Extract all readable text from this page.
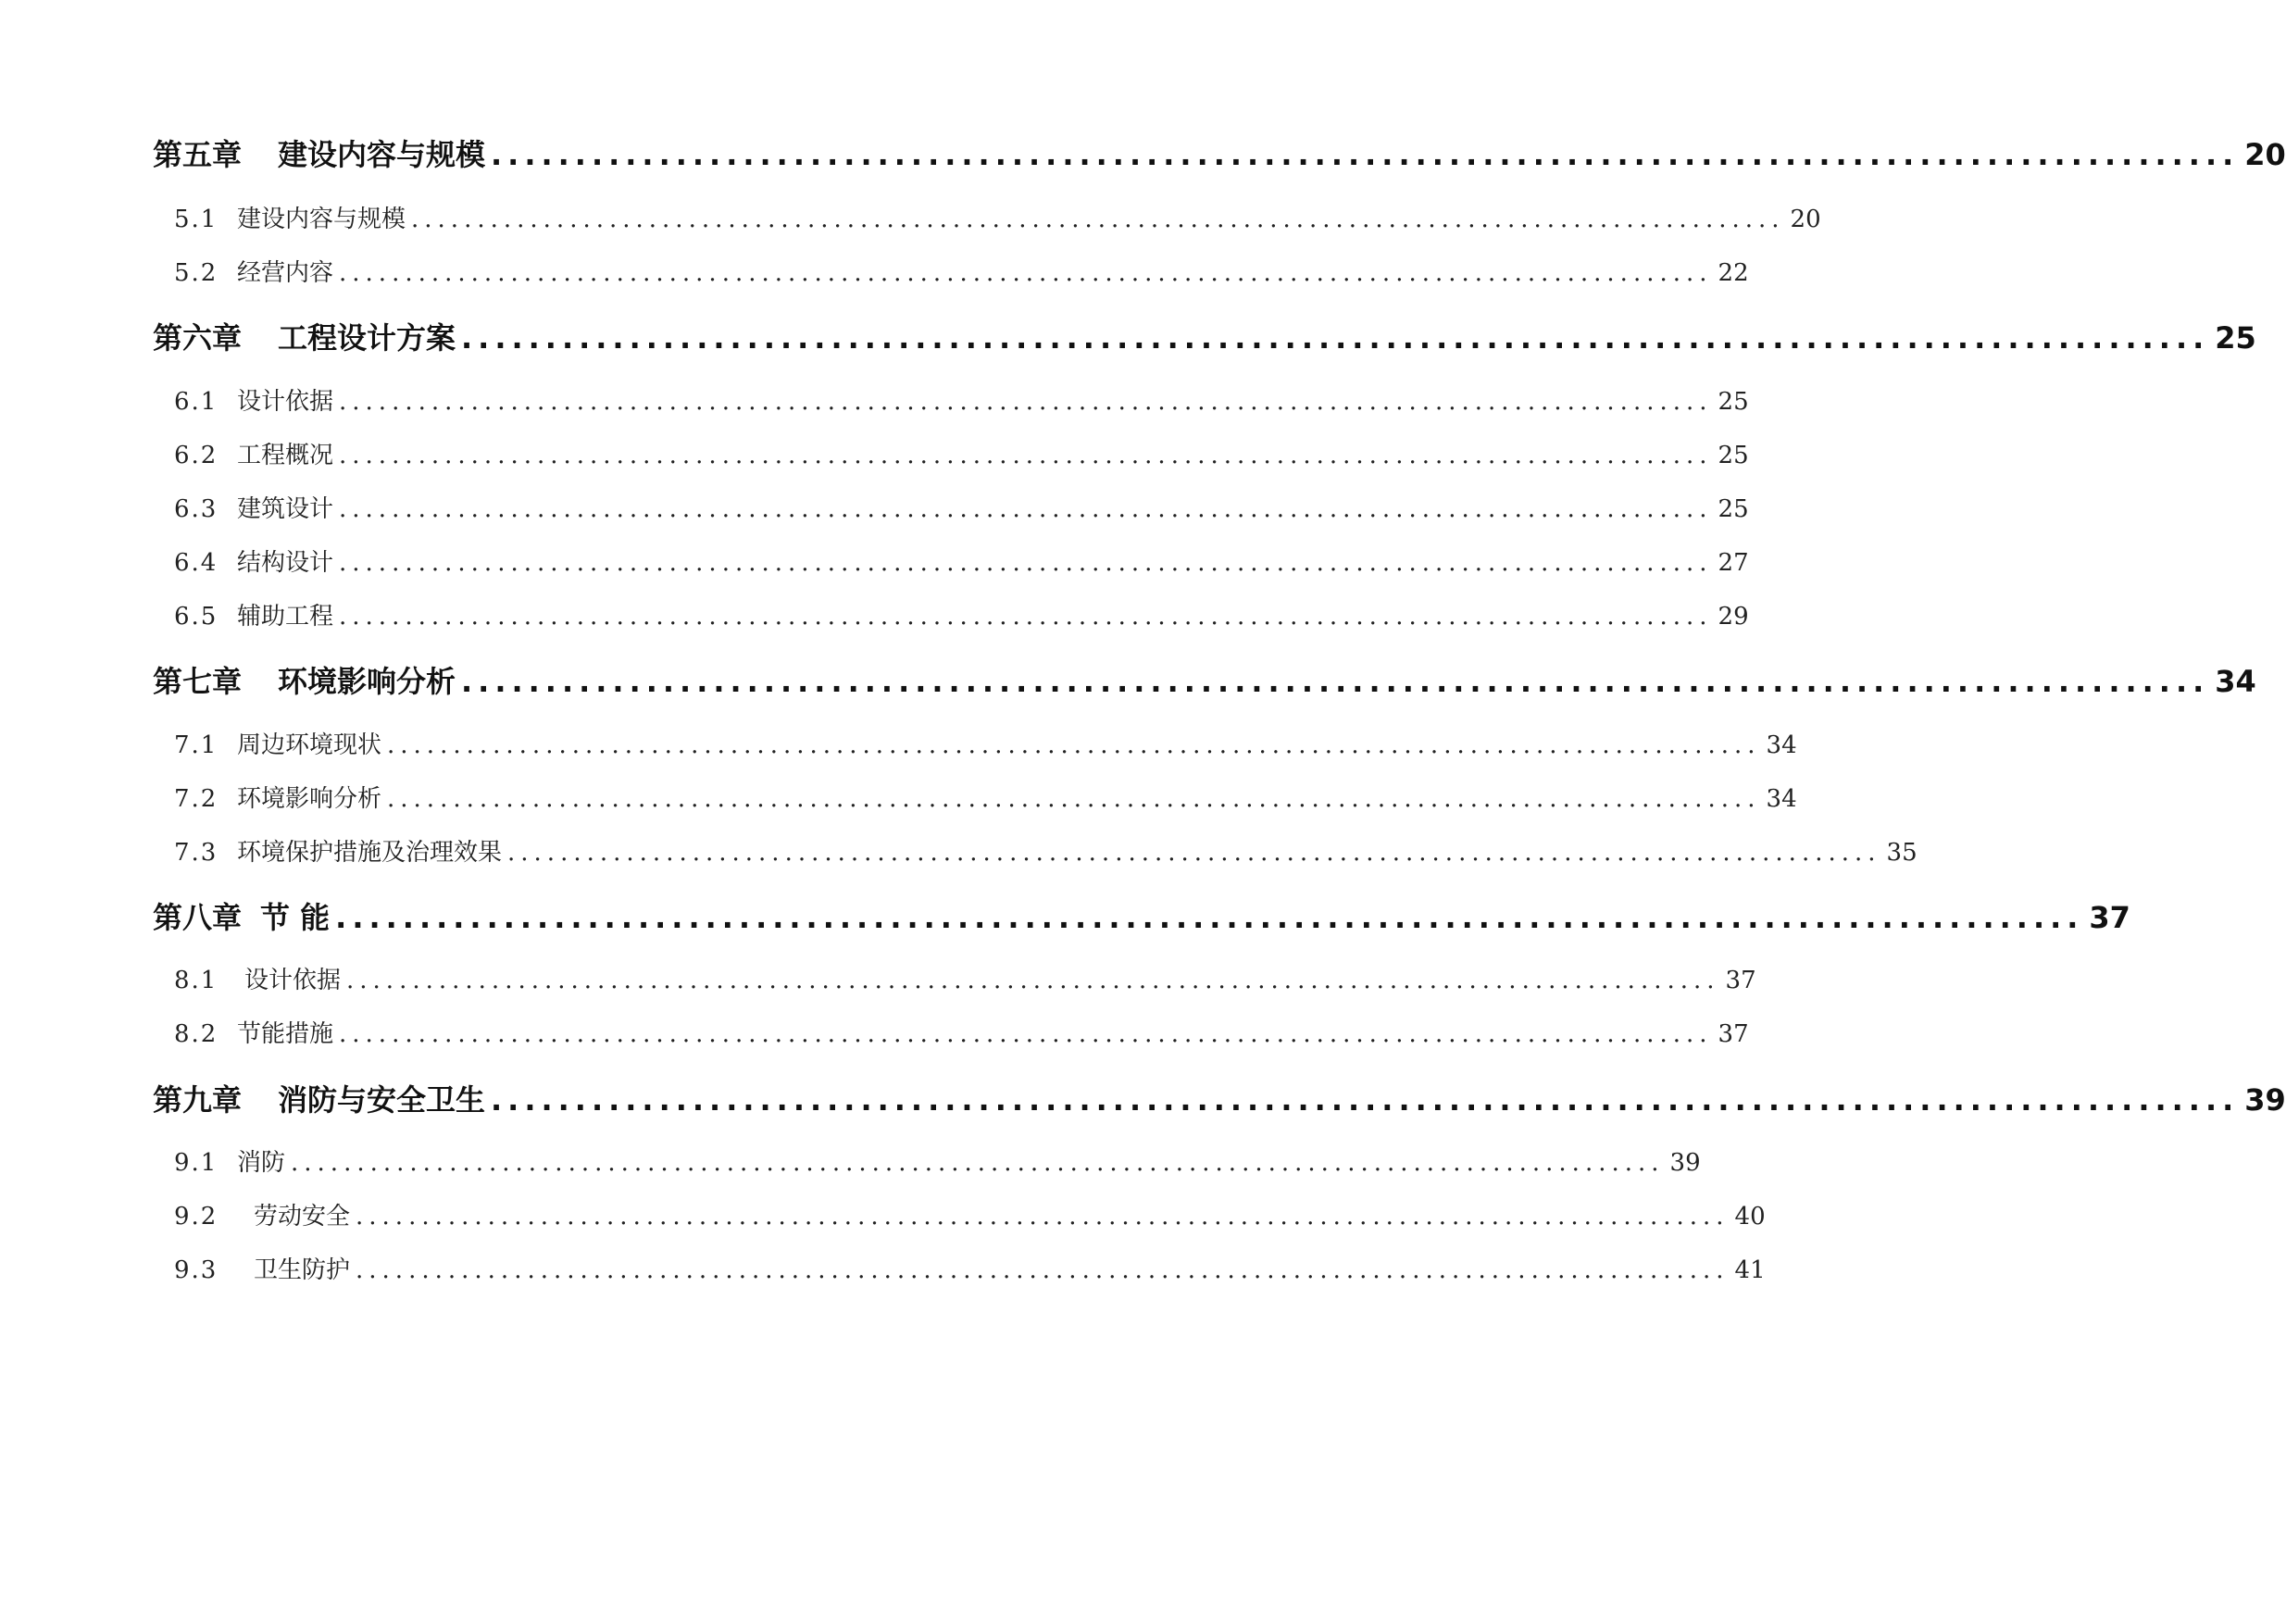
第五章	建设内容与规模 ........................................................................................................ 20
5.1 建设内容与规模 ........................................................................................................ 20
5.2 经营内容 ........................................................................................................ 22
第六章	工程设计方案 ........................................................................................................ 25
6.1 设计依据 ........................................................................................................ 25
6.2 工程概况 ........................................................................................................ 25
6.3 建筑设计 ........................................................................................................ 25
6.4 结构设计 ........................................................................................................ 27
6.5 辅助工程 ........................................................................................................ 29
第七章	环境影响分析 ........................................................................................................ 34
7.1 周边环境现状 ........................................................................................................ 34
7.2 环境影响分析 ........................................................................................................ 34
7.3 环境保护措施及治理效果 ........................................................................................................ 35
第八章 节 能 ........................................................................................................ 37
8.1	设计依据 ........................................................................................................ 37
8.2 节能措施 ........................................................................................................ 37
第九章	消防与安全卫生 ........................................................................................................ 39
9.1 消防 ........................................................................................................ 39
9.2	劳动安全 ........................................................................................................ 40
9.3	卫生防护 ........................................................................................................ 41
